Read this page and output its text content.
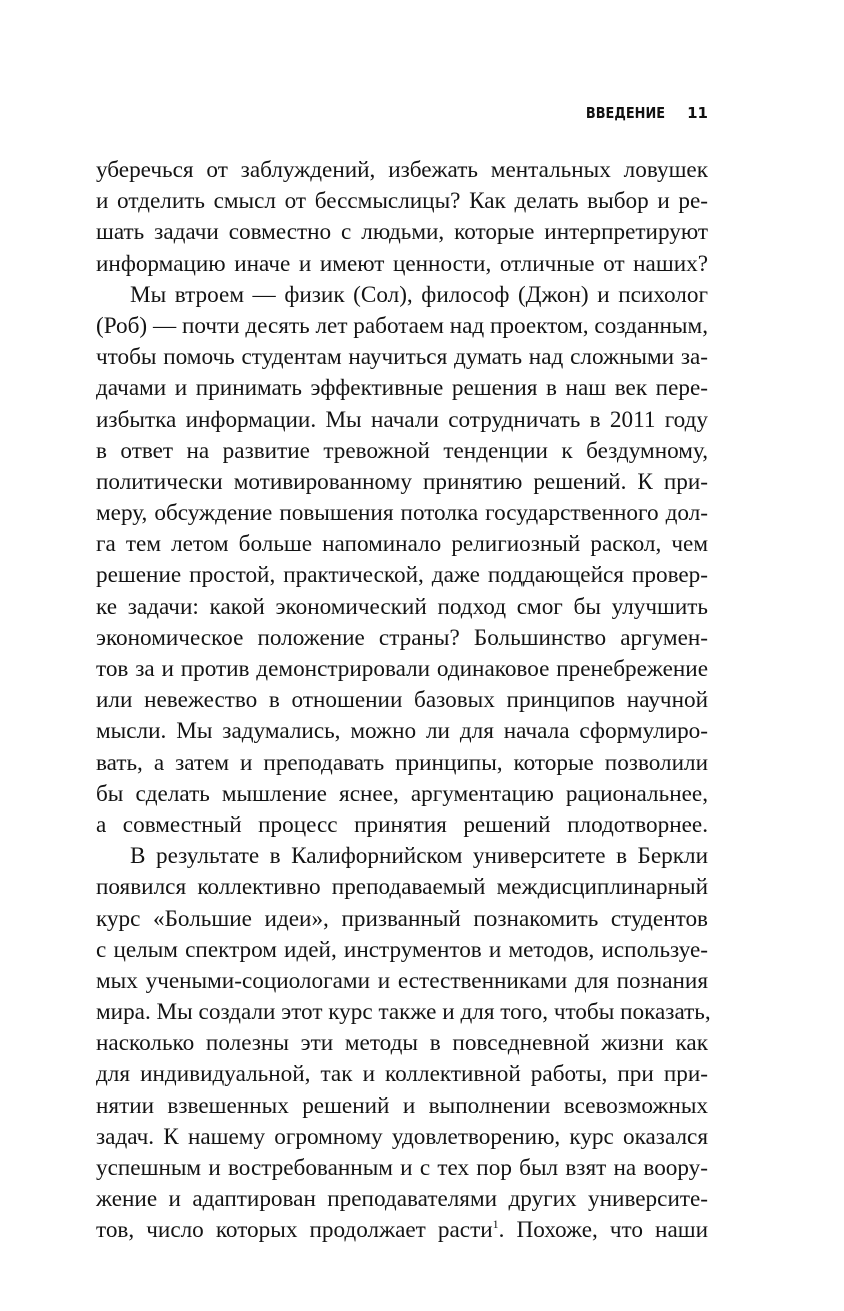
ВВЕДЕНИЕ 11
уберечься от заблуждений, избежать ментальных ловушек
и отделить смысл от бессмыслицы? Как делать выбор и ре-
шать задачи совместно с людьми, которые интерпретируют
информацию иначе и имеют ценности, отличные от наших?
Мы втроем — физик (Сол), философ (Джон) и психолог
(Роб) — почти десять лет работаем над проектом, созданным,
чтобы помочь студентам научиться думать над сложными за-
дачами и принимать эффективные решения в наш век пере-
избытка информации. Мы начали сотрудничать в 2011 году
в ответ на развитие тревожной тенденции к бездумному,
политически мотивированному принятию решений. К при-
меру, обсуждение повышения потолка государственного дол-
га тем летом больше напоминало религиозный раскол, чем
решение простой, практической, даже поддающейся провер-
ке задачи: какой экономический подход смог бы улучшить
экономическое положение страны? Большинство аргумен-
тов за и против демонстрировали одинаковое пренебрежение
или невежество в отношении базовых принципов научной
мысли. Мы задумались, можно ли для начала сформулиро-
вать, а затем и преподавать принципы, которые позволили
бы сделать мышление яснее, аргументацию рациональнее,
а совместный процесс принятия решений плодотворнее.
В результате в Калифорнийском университете в Беркли
появился коллективно преподаваемый междисциплинарный
курс «Большие идеи», призванный познакомить студентов
с целым спектром идей, инструментов и методов, используе-
мых учеными-социологами и естественниками для познания
мира. Мы создали этот курс также и для того, чтобы показать,
насколько полезны эти методы в повседневной жизни как
для индивидуальной, так и коллективной работы, при при-
нятии взвешенных решений и выполнении всевозможных
задач. К нашему огромному удовлетворению, курс оказался
успешным и востребованным и с тех пор был взят на воору-
жение и адаптирован преподавателями других университе-
тов, число которых продолжает расти$^1$. Похоже, что наши
